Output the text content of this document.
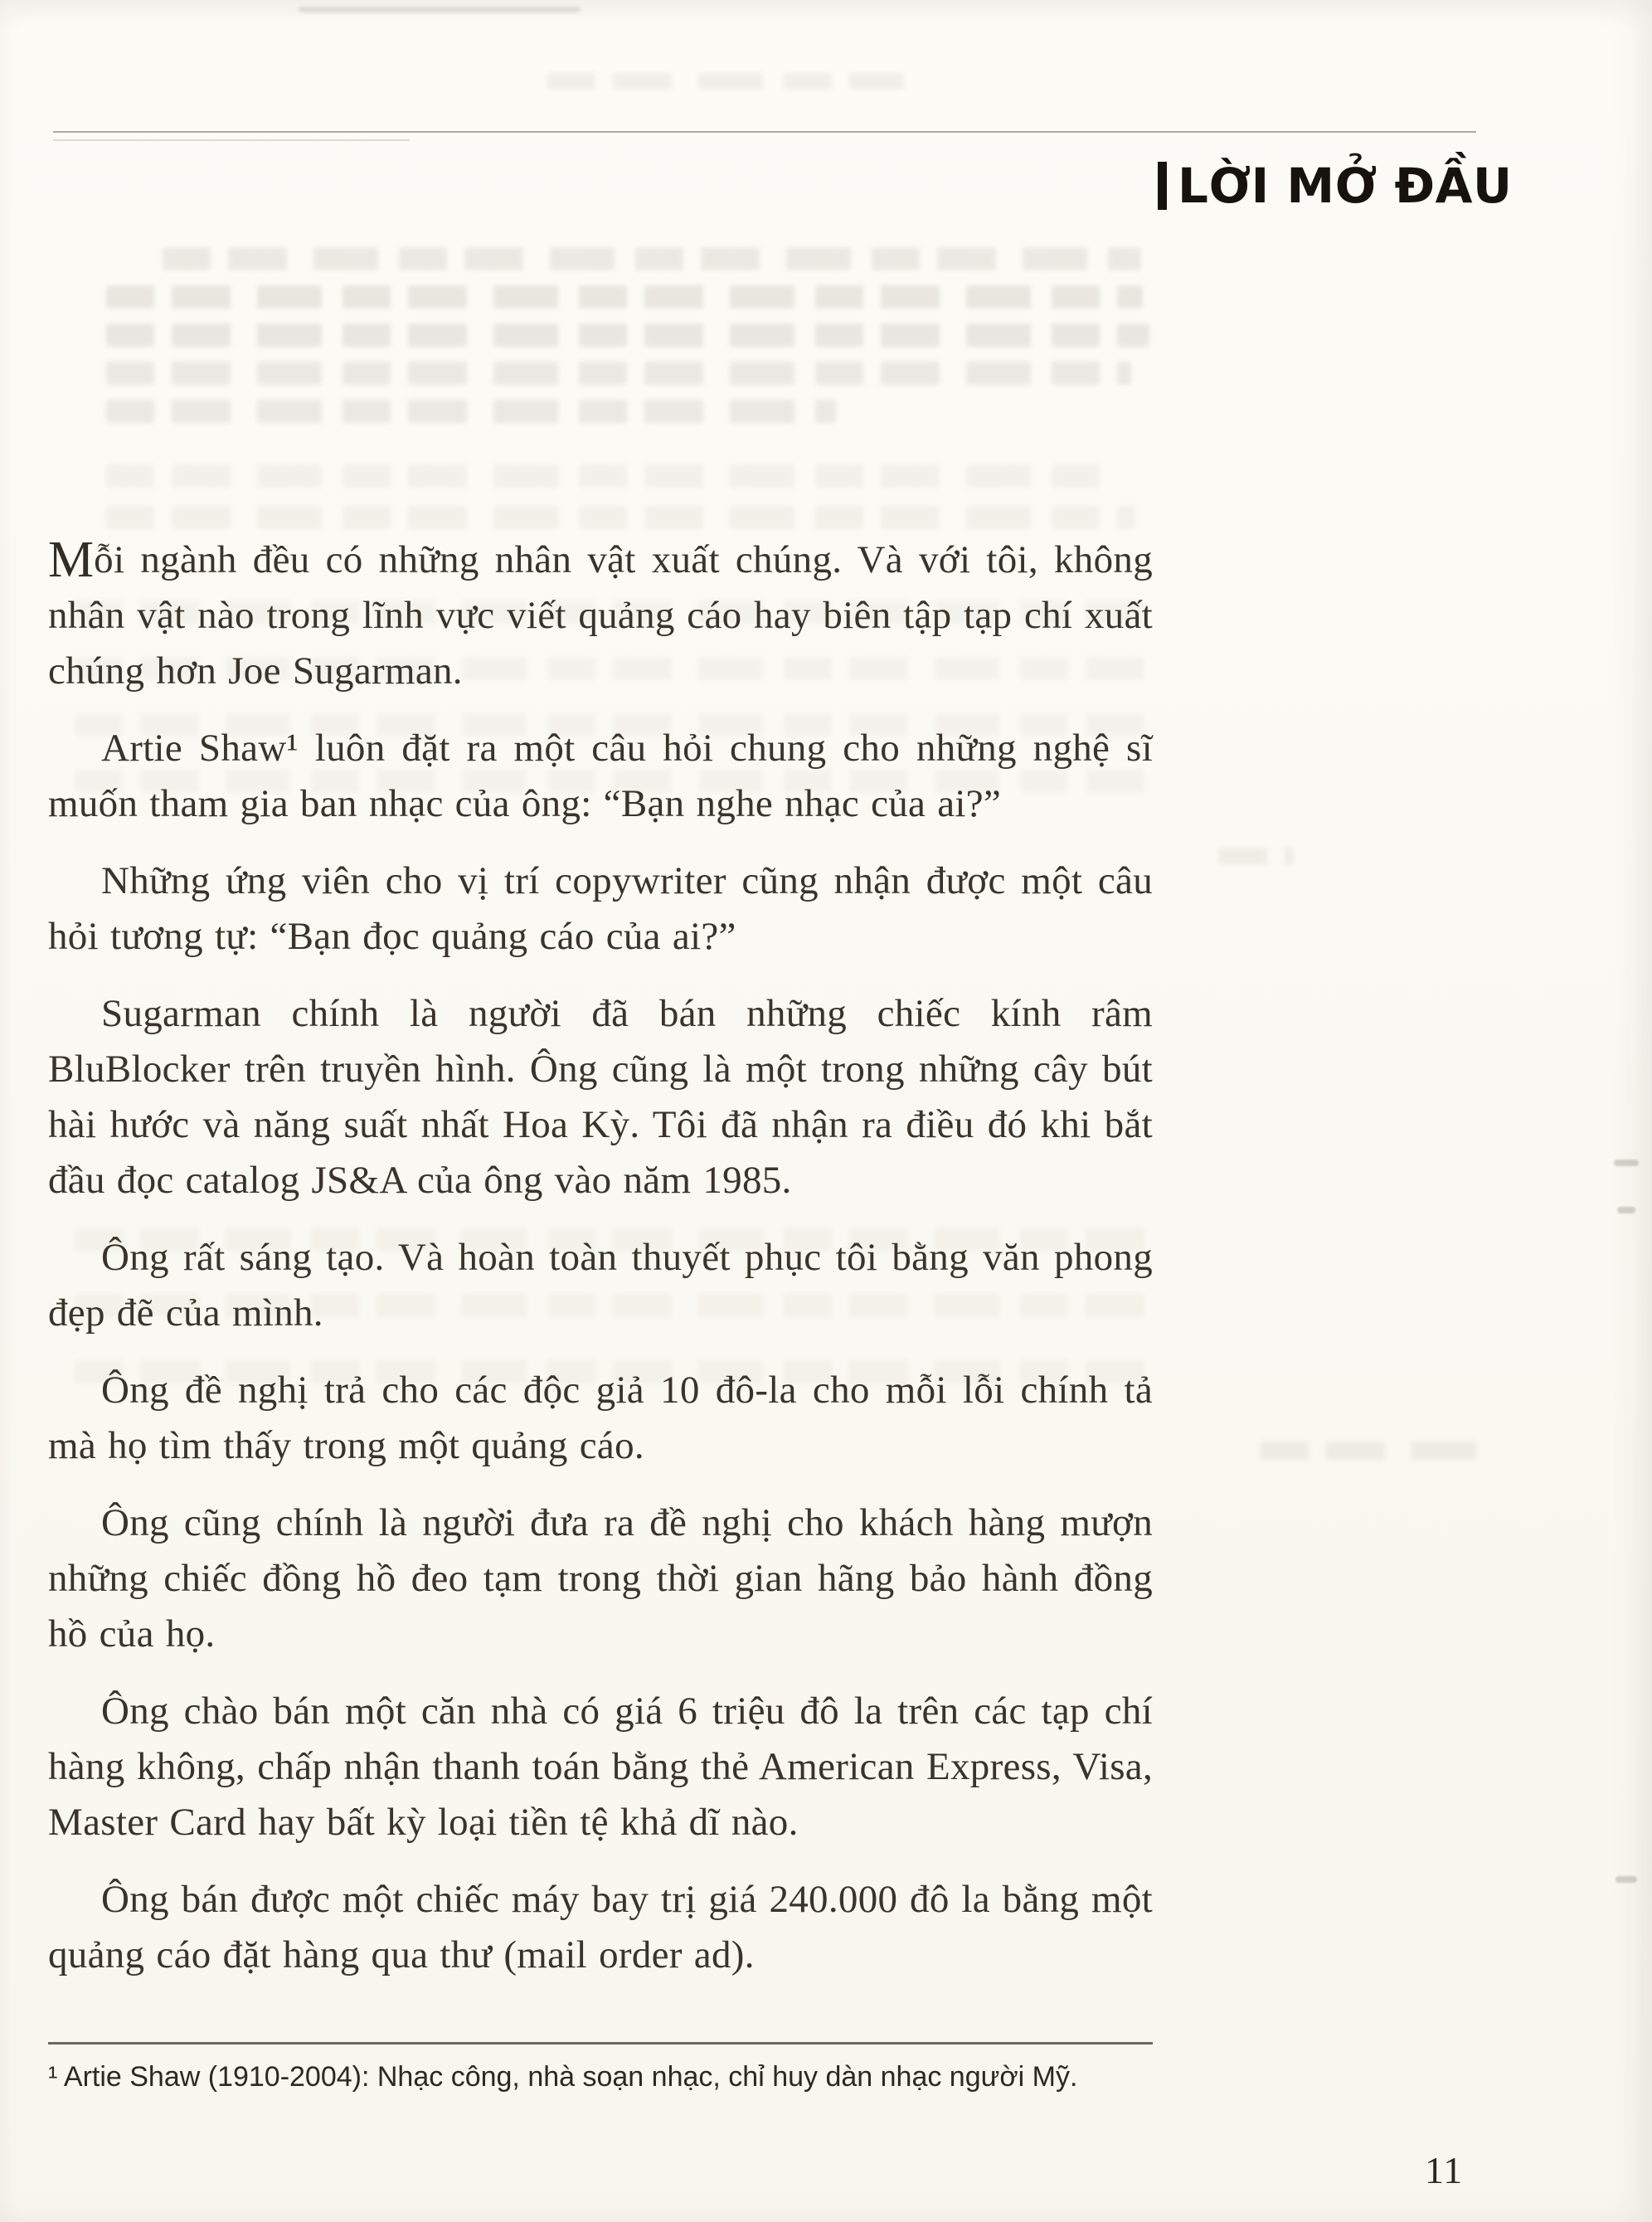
LỜI MỞ ĐẦU

Mỗi ngành đều có những nhân vật xuất chúng. Và với tôi, không nhân vật nào trong lĩnh vực viết quảng cáo hay biên tập tạp chí xuất chúng hơn Joe Sugarman.

Artie Shaw¹ luôn đặt ra một câu hỏi chung cho những nghệ sĩ muốn tham gia ban nhạc của ông: “Bạn nghe nhạc của ai?”

Những ứng viên cho vị trí copywriter cũng nhận được một câu hỏi tương tự: “Bạn đọc quảng cáo của ai?”

Sugarman chính là người đã bán những chiếc kính râm BluBlocker trên truyền hình. Ông cũng là một trong những cây bút hài hước và năng suất nhất Hoa Kỳ. Tôi đã nhận ra điều đó khi bắt đầu đọc catalog JS&A của ông vào năm 1985.

Ông rất sáng tạo. Và hoàn toàn thuyết phục tôi bằng văn phong đẹp đẽ của mình.

Ông đề nghị trả cho các độc giả 10 đô-la cho mỗi lỗi chính tả mà họ tìm thấy trong một quảng cáo.

Ông cũng chính là người đưa ra đề nghị cho khách hàng mượn những chiếc đồng hồ đeo tạm trong thời gian hãng bảo hành đồng hồ của họ.

Ông chào bán một căn nhà có giá 6 triệu đô la trên các tạp chí hàng không, chấp nhận thanh toán bằng thẻ American Express, Visa, Master Card hay bất kỳ loại tiền tệ khả dĩ nào.

Ông bán được một chiếc máy bay trị giá 240.000 đô la bằng một quảng cáo đặt hàng qua thư (mail order ad).

¹ Artie Shaw (1910-2004): Nhạc công, nhà soạn nhạc, chỉ huy dàn nhạc người Mỹ.
11
